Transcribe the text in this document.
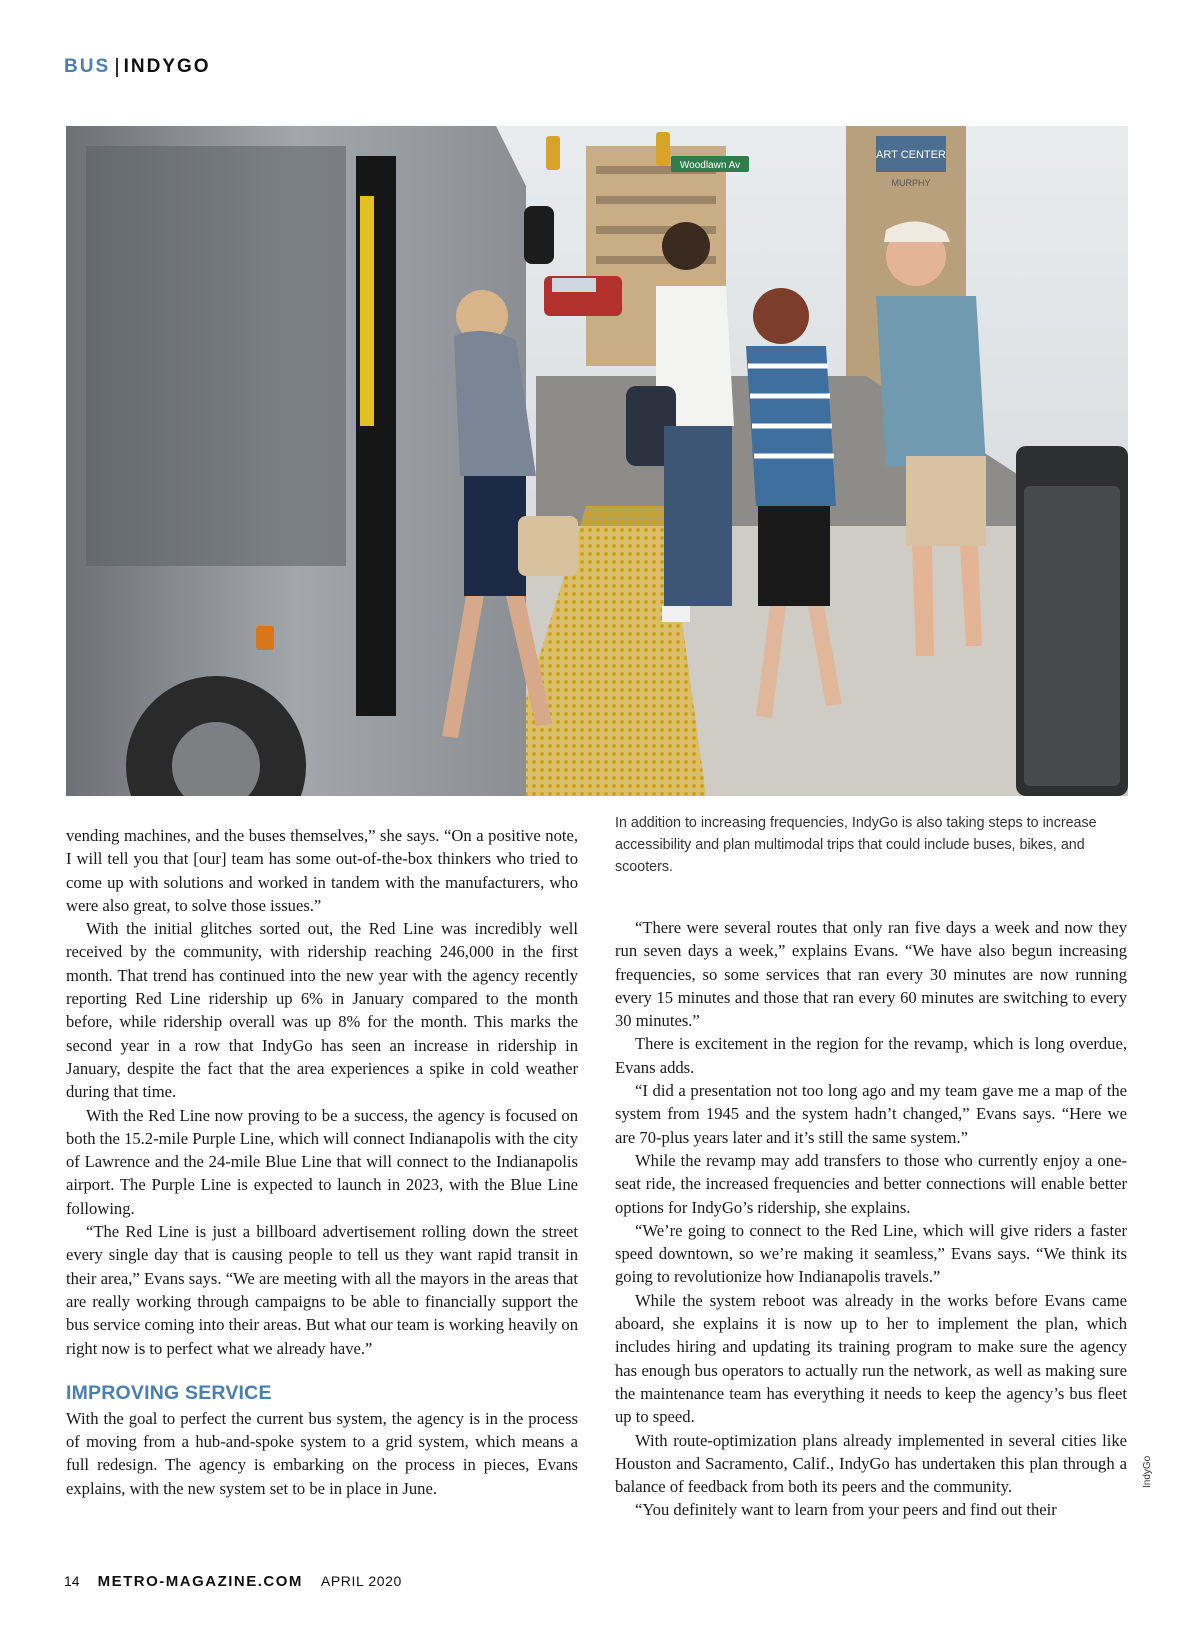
BUS INDYGO
ART CENTER
MURPHY
Woodlawn Av
IndyGo
In addition to increasing frequencies, IndyGo is also taking steps to increase accessibility and plan multimodal trips that could include buses, bikes, and scooters.

vending machines, and the buses themselves,” she says. “On a positive note, I will tell you that [our] team has some out-of-the-box thinkers who tried to come up with solutions and worked in tandem with the manufacturers, who were also great, to solve those issues.”

With the initial glitches sorted out, the Red Line was incredibly well received by the community, with ridership reaching 246,000 in the first month. That trend has continued into the new year with the agency recently reporting Red Line ridership up 6% in January compared to the month before, while ridership overall was up 8% for the month. This marks the second year in a row that IndyGo has seen an increase in ridership in January, despite the fact that the area experiences a spike in cold weather during that time.

With the Red Line now proving to be a success, the agency is focused on both the 15.2-mile Purple Line, which will connect Indianapolis with the city of Lawrence and the 24-mile Blue Line that will connect to the Indianapolis airport. The Purple Line is expected to launch in 2023, with the Blue Line following.

“The Red Line is just a billboard advertisement rolling down the street every single day that is causing people to tell us they want rapid transit in their area,” Evans says. “We are meeting with all the mayors in the areas that are really working through campaigns to be able to financially support the bus service coming into their areas. But what our team is working heavily on right now is to perfect what we already have.”

IMPROVING SERVICE

With the goal to perfect the current bus system, the agency is in the process of moving from a hub-and-spoke system to a grid system, which means a full redesign. The agency is embarking on the process in pieces, Evans explains, with the new system set to be in place in June.

“There were several routes that only ran five days a week and now they run seven days a week,” explains Evans. “We have also begun increasing frequencies, so some services that ran every 30 minutes are now running every 15 minutes and those that ran every 60 minutes are switching to every 30 minutes.”

There is excitement in the region for the revamp, which is long overdue, Evans adds.

“I did a presentation not too long ago and my team gave me a map of the system from 1945 and the system hadn’t changed,” Evans says. “Here we are 70-plus years later and it’s still the same system.”

While the revamp may add transfers to those who currently enjoy a one-seat ride, the increased frequencies and better connections will enable better options for IndyGo’s ridership, she explains.

“We’re going to connect to the Red Line, which will give riders a faster speed downtown, so we’re making it seamless,” Evans says. “We think its going to revolutionize how Indianapolis travels.”

While the system reboot was already in the works before Evans came aboard, she explains it is now up to her to implement the plan, which includes hiring and updating its training program to make sure the agency has enough bus operators to actually run the network, as well as making sure the maintenance team has everything it needs to keep the agency’s bus fleet up to speed.

With route-optimization plans already implemented in several cities like Houston and Sacramento, Calif., IndyGo has undertaken this plan through a balance of feedback from both its peers and the community.

“You definitely want to learn from your peers and find out their

14 METRO-MAGAZINE.COM APRIL 2020
